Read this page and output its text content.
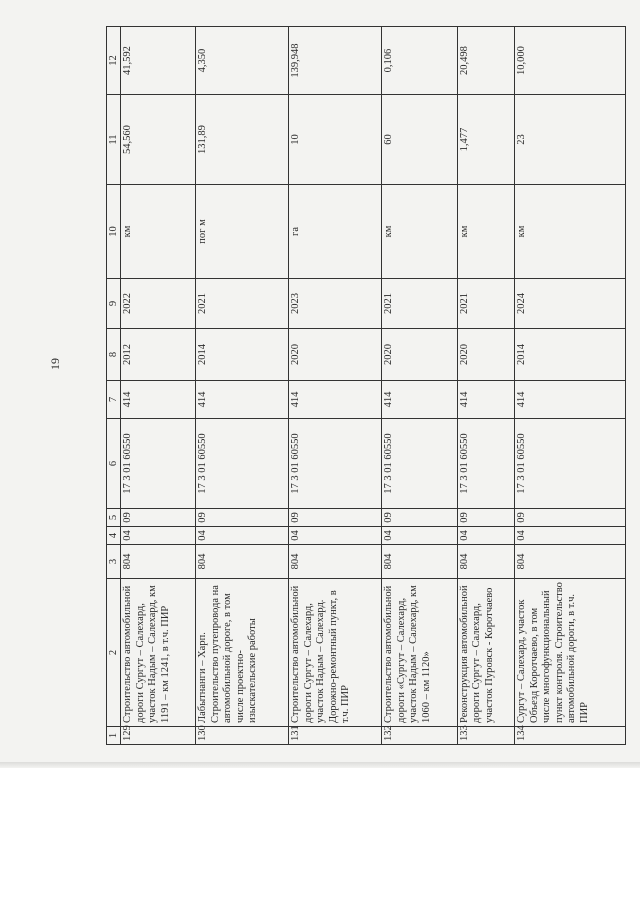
19
1	2	3	4	5	6	7	8	9	10	11	12
129	Строительство автомобильной дороги Сургут – Салехард, участок Надым – Салехард, км 1191 – км 1241, в т.ч. ПИР	804	04	09	17 3 01 60550	414	2012	2022	км	54,560	41,592
130	Лабытнанги – Харп. Строительство путепровода на автомобильной дороге, в том числе проектно-изыскательские работы	804	04	09	17 3 01 60550	414	2014	2021	пог м	131,89	4,350
131	Строительство автомобильной дороги Сургут – Салехард, участок Надым – Салехард. Дорожно-ремонтный пункт, в т.ч. ПИР	804	04	09	17 3 01 60550	414	2020	2023	га	10	139,948
132	Строительство автомобильной дороги «Сургут – Салехард, участок Надым – Салехард, км 1060 – км 1120»	804	04	09	17 3 01 60550	414	2020	2021	км	60	0,106
133	Реконструкция автомобильной дороги Сургут – Салехард, участок Пуровск - Коротчаево	804	04	09	17 3 01 60550	414	2020	2021	км	1,477	20,498
134	Сургут – Салехард, участок Объезд Коротчаево, в том числе многофункциональный пункт контроля. Строительство автомобильной дороги, в т.ч. ПИР	804	04	09	17 3 01 60550	414	2014	2024	км	23	10,000
